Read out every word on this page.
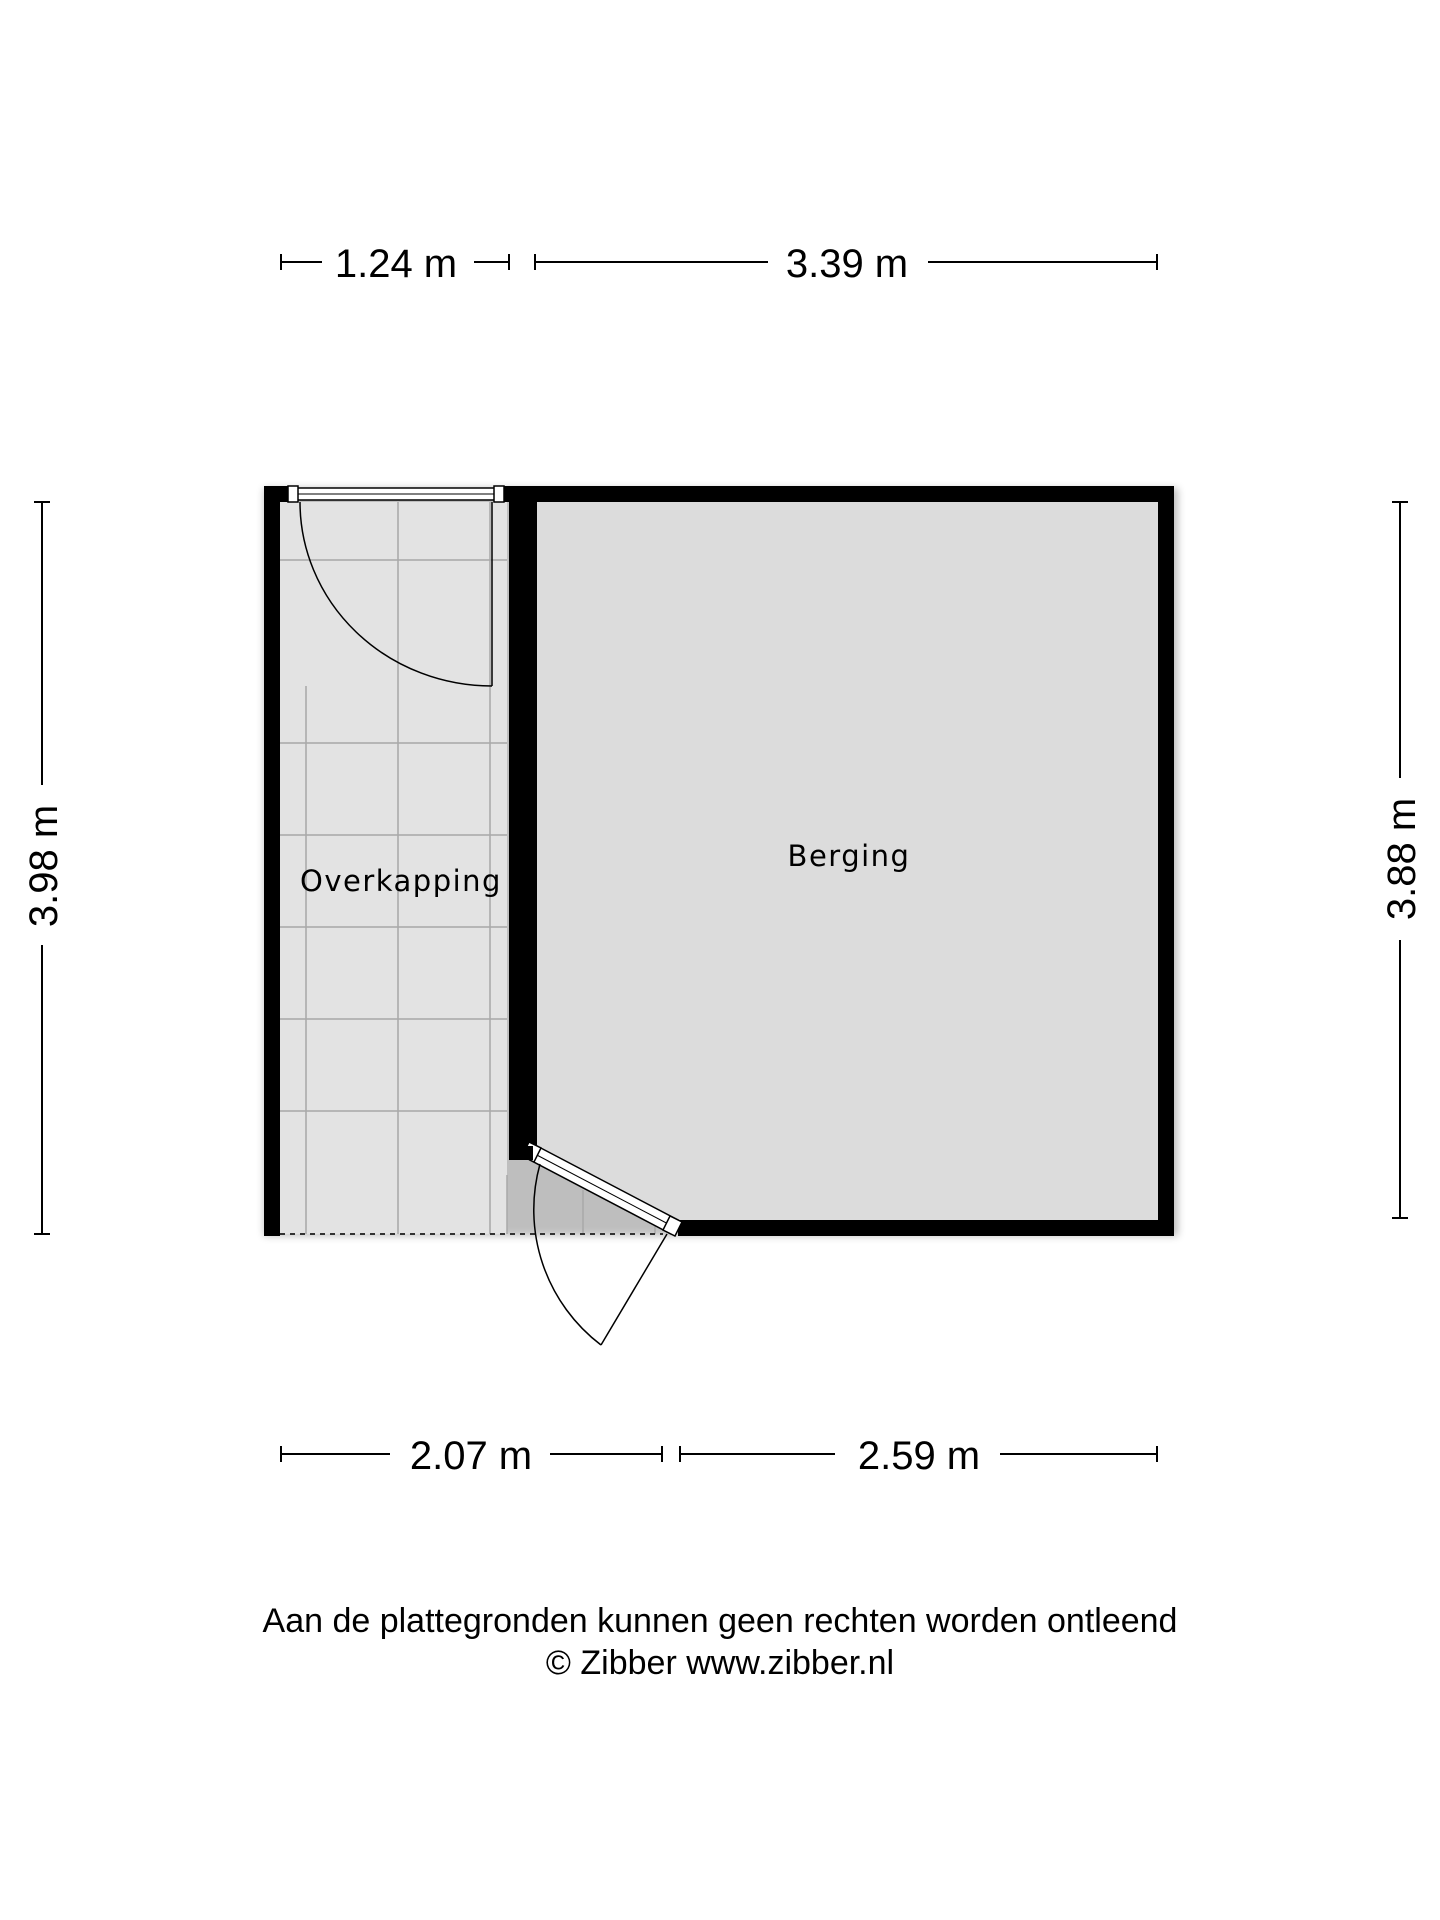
1.24 m	3.39 m
2.07 m	2.59 m
3.98 m	3.88 m
Overkapping
Berging
Aan de plattegronden kunnen geen rechten worden ontleend
© Zibber www.zibber.nl
